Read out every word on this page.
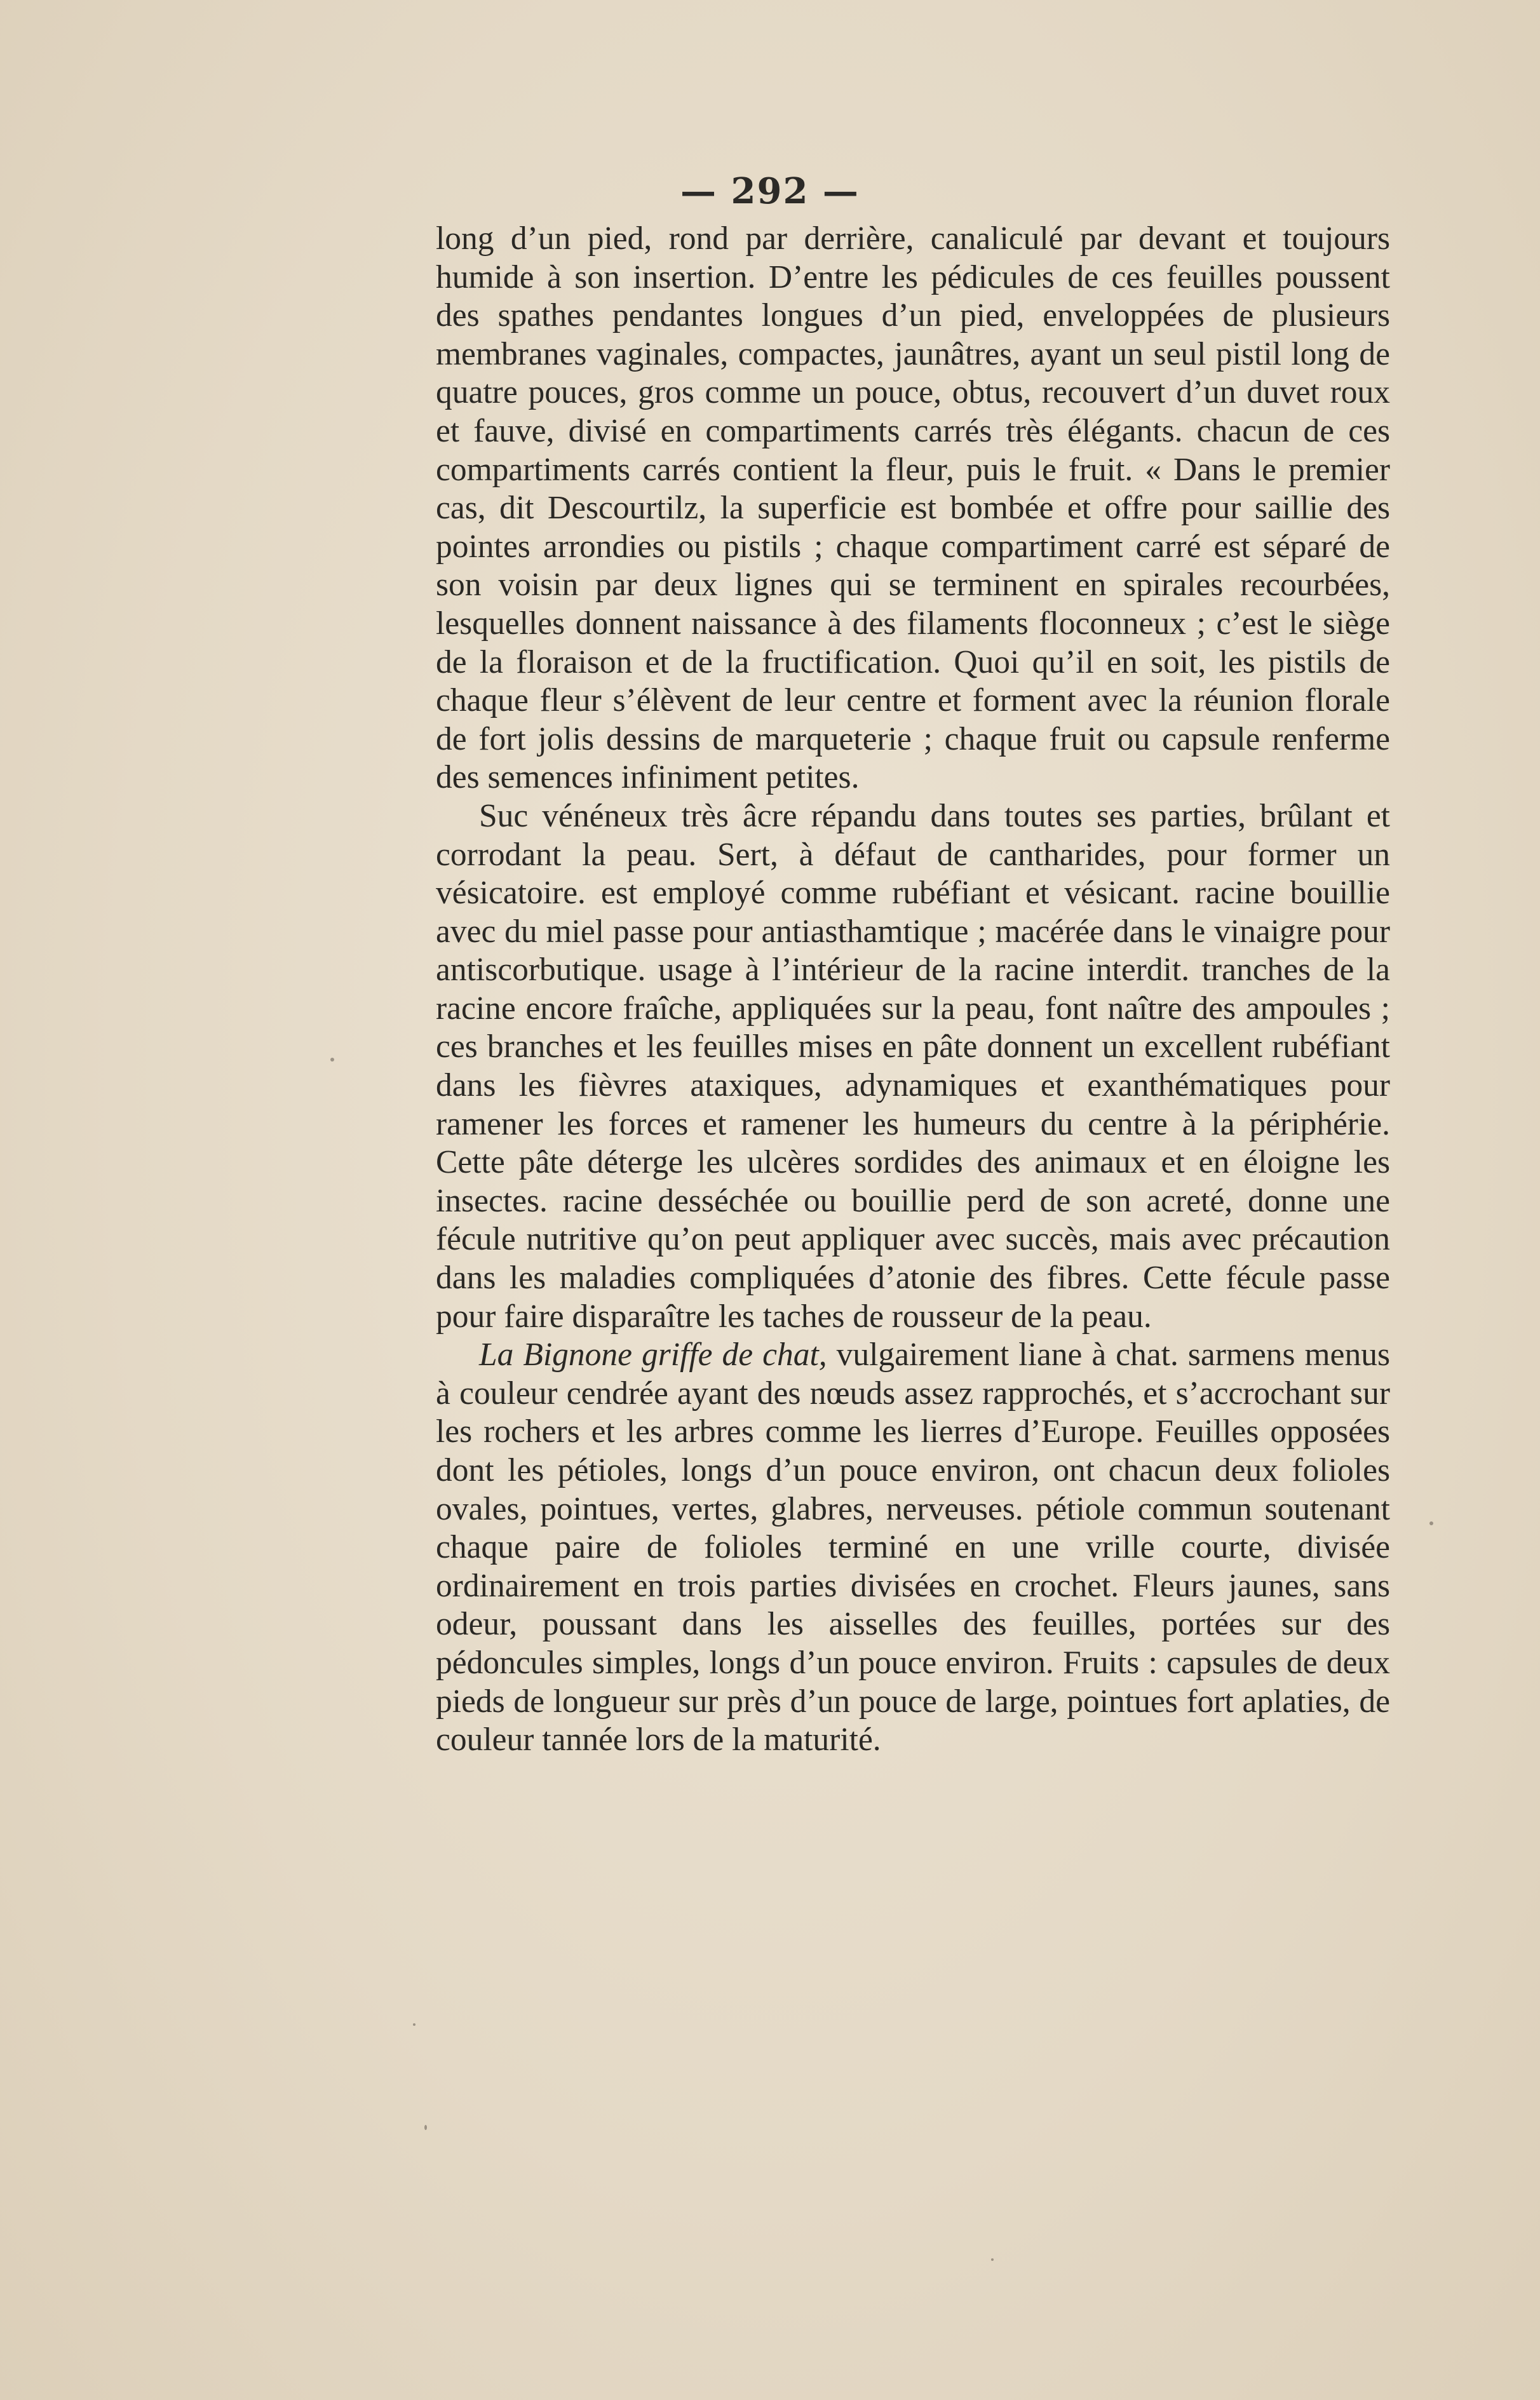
— 292 —

long d’un pied, rond par derrière, canaliculé par devant et toujours humide à son insertion. D’entre les pédicules de ces feuilles poussent des spathes pendantes longues d’un pied, enveloppées de plusieurs membranes vaginales, compactes, jaunâtres, ayant un seul pistil long de quatre pouces, gros comme un pouce, obtus, recouvert d’un duvet roux et fauve, divisé en compartiments carrés très élégants. chacun de ces compartiments carrés contient la fleur, puis le fruit. « Dans le premier cas, dit Descourtilz, la superficie est bombée et offre pour saillie des pointes arrondies ou pistils ; chaque compartiment carré est séparé de son voisin par deux lignes qui se terminent en spirales recourbées, lesquelles donnent naissance à des filaments floconneux ; c’est le siège de la floraison et de la fructification. Quoi qu’il en soit, les pistils de chaque fleur s’élèvent de leur centre et forment avec la réunion florale de fort jolis dessins de marqueterie ; chaque fruit ou capsule renferme des semences infiniment petites.

Suc vénéneux très âcre répandu dans toutes ses parties, brûlant et corrodant la peau. Sert, à défaut de cantharides, pour former un vésicatoire. est employé comme rubéfiant et vésicant. racine bouillie avec du miel passe pour antiasthamtique ; macérée dans le vinaigre pour antiscorbutique. usage à l’intérieur de la racine interdit. tranches de la racine encore fraîche, appliquées sur la peau, font naître des ampoules ; ces branches et les feuilles mises en pâte donnent un excellent rubéfiant dans les fièvres ataxiques, adynamiques et exanthématiques pour ramener les forces et ramener les humeurs du centre à la périphérie. Cette pâte déterge les ulcères sordides des animaux et en éloigne les insectes. racine desséchée ou bouillie perd de son acreté, donne une fécule nutritive qu’on peut appliquer avec succès, mais avec précaution dans les maladies compliquées d’atonie des fibres. Cette fécule passe pour faire disparaître les taches de rousseur de la peau.

La Bignone griffe de chat, vulgairement liane à chat. sarmens menus à couleur cendrée ayant des nœuds assez rapprochés, et s’accrochant sur les rochers et les arbres comme les lierres d’Europe. Feuilles opposées dont les pétioles, longs d’un pouce environ, ont chacun deux folioles ovales, pointues, vertes, glabres, nerveuses. pétiole commun soutenant chaque paire de folioles terminé en une vrille courte, divisée ordinairement en trois parties divisées en crochet. Fleurs jaunes, sans odeur, poussant dans les aisselles des feuilles, portées sur des pédoncules simples, longs d’un pouce environ. Fruits : capsules de deux pieds de longueur sur près d’un pouce de large, pointues fort aplaties, de couleur tannée lors de la maturité.
